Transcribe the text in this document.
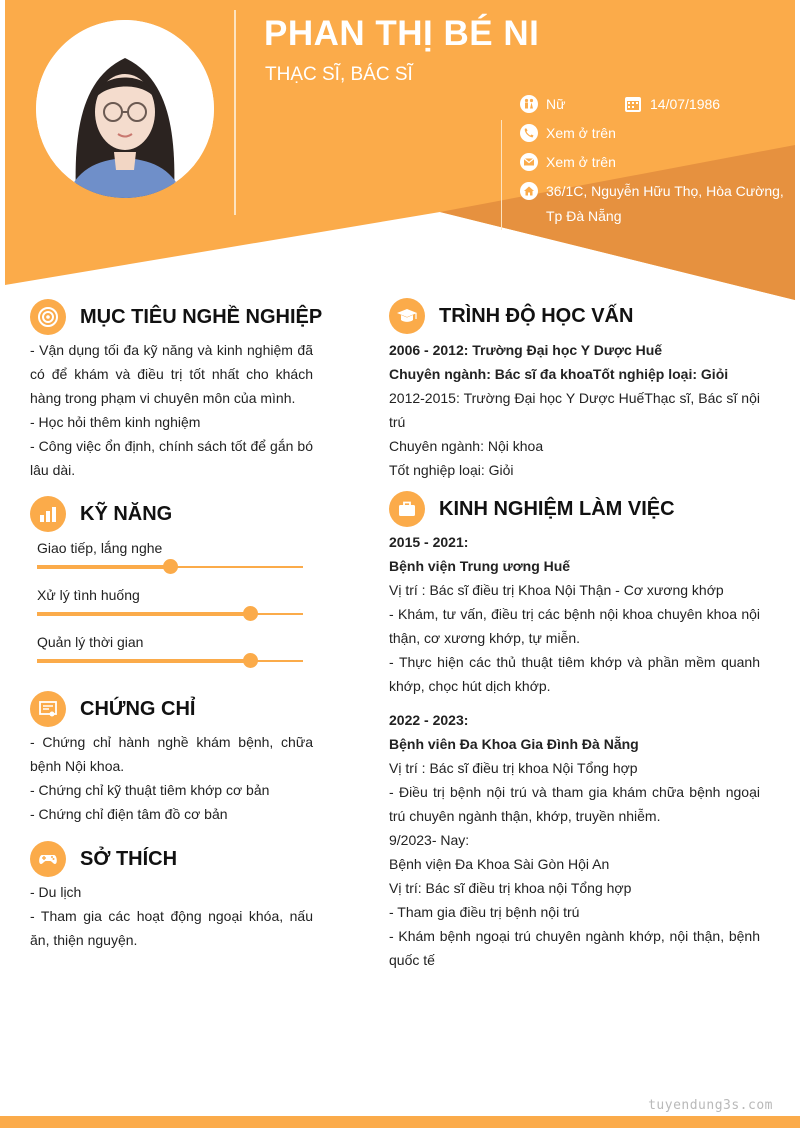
PHAN THỊ BÉ NI
THẠC SĨ, BÁC SĨ
Nữ	14/07/1986
Xem ở trên
Xem ở trên
36/1C, Nguyễn Hữu Thọ, Hòa Cường,
Tp Đà Nẵng
MỤC TIÊU NGHỀ NGHIỆP

- Vận dụng tối đa kỹ năng và kinh nghiệm đã có để khám và điều trị tốt nhất cho khách hàng trong phạm vi chuyên môn của mình.

- Học hỏi thêm kinh nghiệm

- Công việc ổn định, chính sách tốt để gắn bó lâu dài.

KỸ NĂNG
Giao tiếp, lắng nghe
Xử lý tình huống
Quản lý thời gian
CHỨNG CHỈ

- Chứng chỉ hành nghề khám bệnh, chữa bệnh Nội khoa.

- Chứng chỉ kỹ thuật tiêm khớp cơ bản

- Chứng chỉ điện tâm đồ cơ bản

SỞ THÍCH

- Du lịch

- Tham gia các hoạt động ngoại khóa, nấu ăn, thiện nguyện.

TRÌNH ĐỘ HỌC VẤN

2006 - 2012: Trường Đại học Y Dược Huế

Chuyên ngành: Bác sĩ đa khoaTốt nghiệp loại: Giỏi

2012-2015: Trường Đại học Y Dược HuếThạc sĩ, Bác sĩ nội trú

Chuyên ngành: Nội khoa

Tốt nghiệp loại: Giỏi

KINH NGHIỆM LÀM VIỆC

2015 - 2021:

Bệnh viện Trung ương Huế

Vị trí : Bác sĩ điều trị Khoa Nội Thận - Cơ xương khớp

- Khám, tư vấn, điều trị các bệnh nội khoa chuyên khoa nội thận, cơ xương khớp, tự miễn.

- Thực hiện các thủ thuật tiêm khớp và phần mềm quanh khớp, chọc hút dịch khớp.

2022 - 2023:

Bệnh viên Đa Khoa Gia Đình Đà Nẵng

Vị trí : Bác sĩ điều trị khoa Nội Tổng hợp

- Điều trị bệnh nội trú và tham gia khám chữa bệnh ngoại trú chuyên ngành thận, khớp, truyền nhiễm.

9/2023- Nay:

Bệnh viện Đa Khoa Sài Gòn Hội An

Vị trí: Bác sĩ điều trị khoa nội Tổng hợp

- Tham gia điều trị bệnh nội trú

- Khám bệnh ngoại trú chuyên ngành khớp, nội thận, bệnh quốc tế

tuyendung3s.com
